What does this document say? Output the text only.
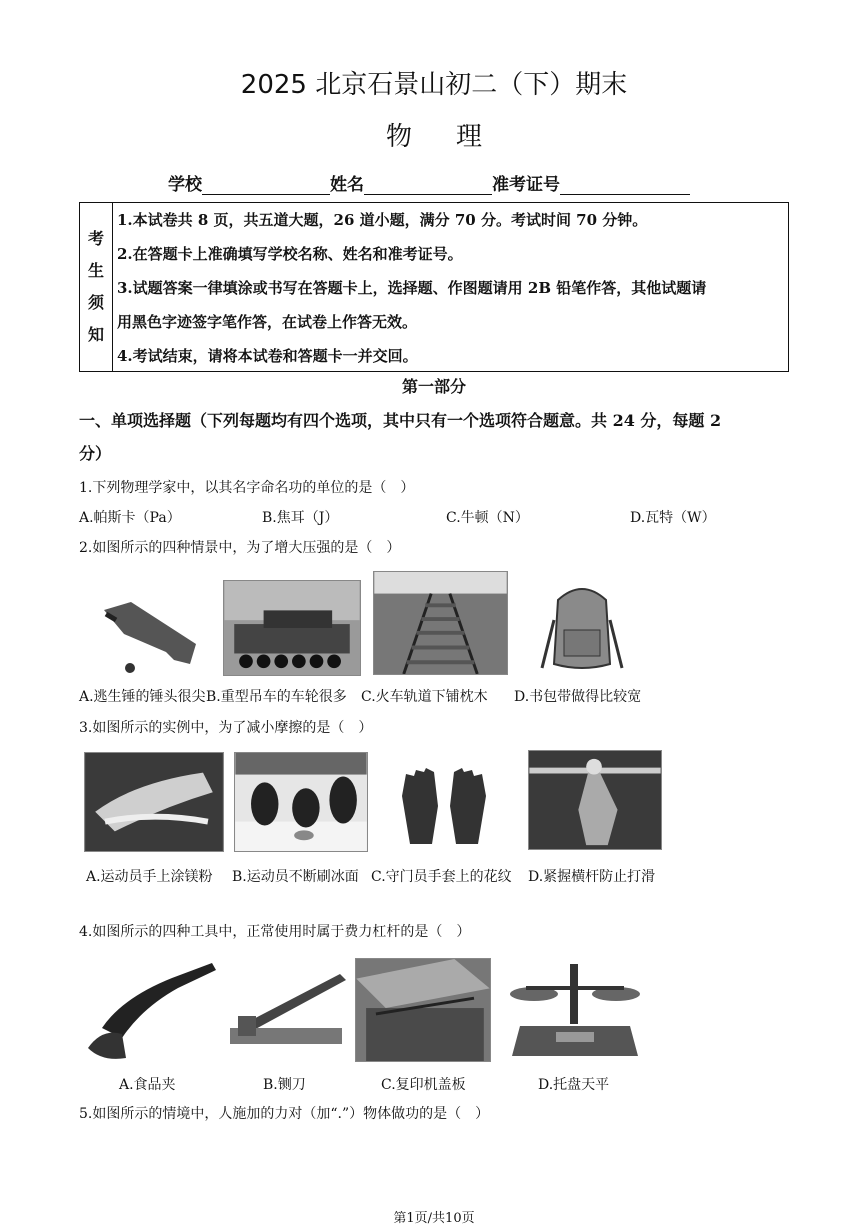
2025 北京石景山初二（下）期末
物理
学校	姓名	准考证号
考
生
须
知
1.本试卷共 8 页，共五道大题，26 道小题，满分 70 分。考试时间 70 分钟。
2.在答题卡上准确填写学校名称、姓名和准考证号。
3.试题答案一律填涂或书写在答题卡上，选择题、作图题请用 2B 铅笔作答，其他试题请
用黑色字迹签字笔作答，在试卷上作答无效。
4.考试结束，请将本试卷和答题卡一并交回。
第一部分
一、单项选择题（下列每题均有四个选项，其中只有一个选项符合题意。共 24 分，每题 2
分）
1.下列物理学家中，以其名字命名功的单位的是（　）
A.帕斯卡（Pa）	B.焦耳（J）	C.牛顿（N）	D.瓦特（W）
2.如图所示的四种情景中，为了增大压强的是（　）
A.逃生锤的锤头很尖 B.重型吊车的车轮很多 C.火车轨道下铺枕木 D.书包带做得比较宽
3.如图所示的实例中，为了减小摩擦的是（　）
A.运动员手上涂镁粉 B.运动员不断刷冰面 C.守门员手套上的花纹 D.紧握横杆防止打滑
4.如图所示的四种工具中，正常使用时属于费力杠杆的是（　）
A.食品夹	B.铡刀	C.复印机盖板	D.托盘天平
5.如图所示的情境中，人施加的力对（加“.”）物体做功的是（　）
第1页/共10页
